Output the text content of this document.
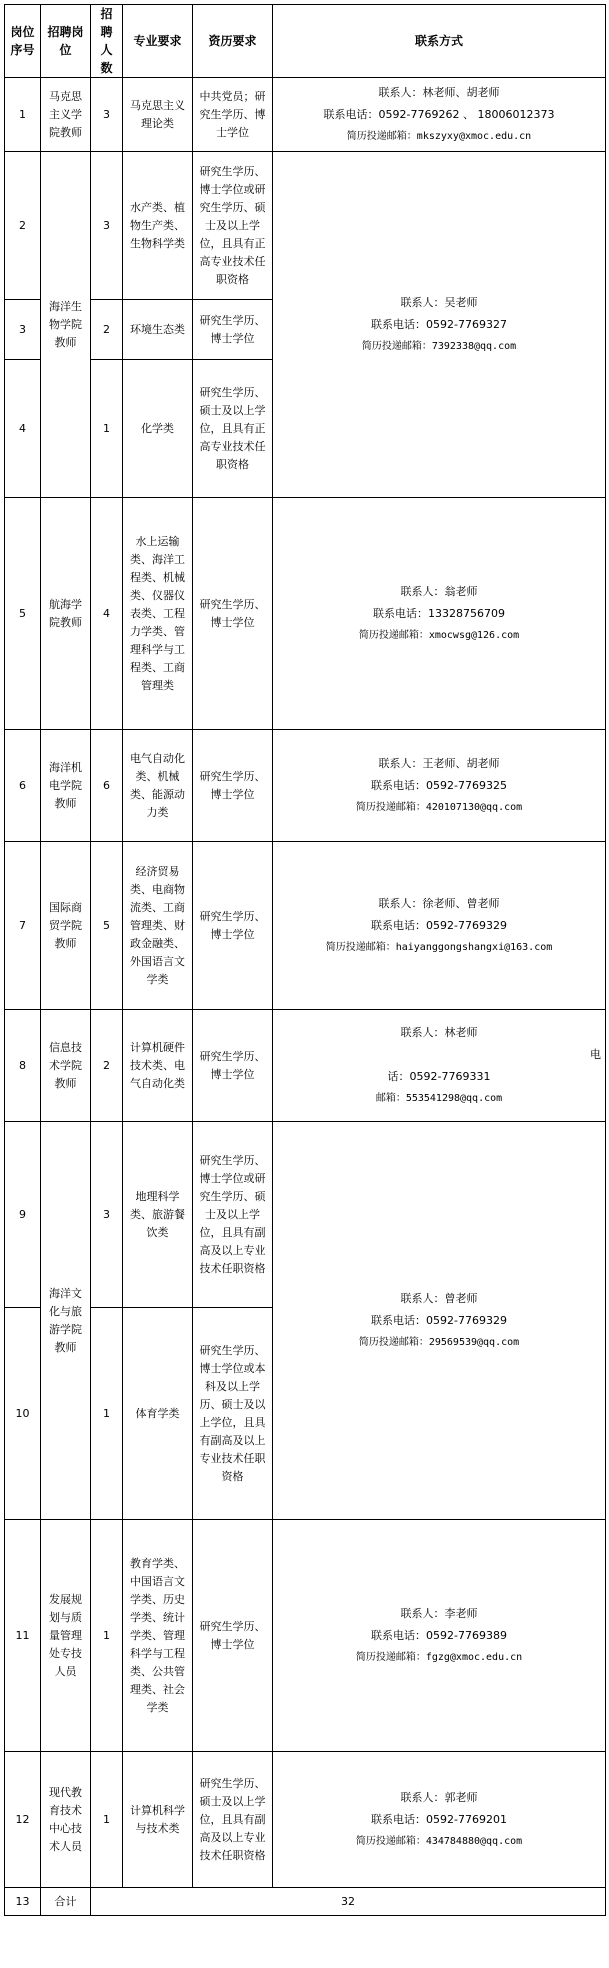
岗位序号	招聘岗位	招聘人数	专业要求	资历要求	联系方式
1	马克思主义学院教师	3	马克思主义理论类	中共党员；研究生学历、博士学位	联系人：林老师、胡老师
联系电话：0592-7769262 、 18006012373
简历投递邮箱：mkszyxy@xmoc.edu.cn

2	海洋生物学院教师	3	水产类、植物生产类、生物科学类	研究生学历、博士学位或研究生学历、硕士及以上学位，且具有正高专业技术任职资格	联系人：吴老师
联系电话：0592-7769327
简历投递邮箱：7392338@qq.com

3		2	环境生态类	研究生学历、博士学位	
4		1	化学类	研究生学历、硕士及以上学位，且具有正高专业技术任职资格	
5	航海学院教师	4	水上运输类、海洋工程类、机械类、仪器仪表类、工程力学类、管理科学与工程类、工商管理类	研究生学历、博士学位	联系人：翁老师
联系电话：13328756709
简历投递邮箱：xmocwsg@126.com

6	海洋机电学院教师	6	电气自动化类、机械类、能源动力类	研究生学历、博士学位	联系人：王老师、胡老师
联系电话：0592-7769325
简历投递邮箱：420107130@qq.com

7	国际商贸学院教师	5	经济贸易类、电商物流类、工商管理类、财政金融类、外国语言文学类	研究生学历、博士学位	联系人：徐老师、曾老师
联系电话：0592-7769329
简历投递邮箱：haiyanggongshangxi@163.com

8	信息技术学院教师	2	计算机硬件技术类、电气自动化类	研究生学历、博士学位	联系人：林老师
电
话：0592-7769331
邮箱：553541298@qq.com

9	海洋文化与旅游学院教师	3	地理科学类、旅游餐饮类	研究生学历、博士学位或研究生学历、硕士及以上学位，且具有副高及以上专业技术任职资格	联系人：曾老师
联系电话：0592-7769329
简历投递邮箱：29569539@qq.com

10		1	体育学类	研究生学历、博士学位或本科及以上学历、硕士及以上学位，且具有副高及以上专业技术任职资格	
11	发展规划与质量管理处专技人员	1	教育学类、中国语言文学类、历史学类、统计学类、管理科学与工程类、公共管理类、社会学类	研究生学历、博士学位	联系人：李老师
联系电话：0592-7769389
简历投递邮箱：fgzg@xmoc.edu.cn

12	现代教育技术中心技术人员	1	计算机科学与技术类	研究生学历、硕士及以上学位，且具有副高及以上专业技术任职资格	联系人：郭老师
联系电话：0592-7769201
简历投递邮箱：434784880@qq.com

13	合计	32			
